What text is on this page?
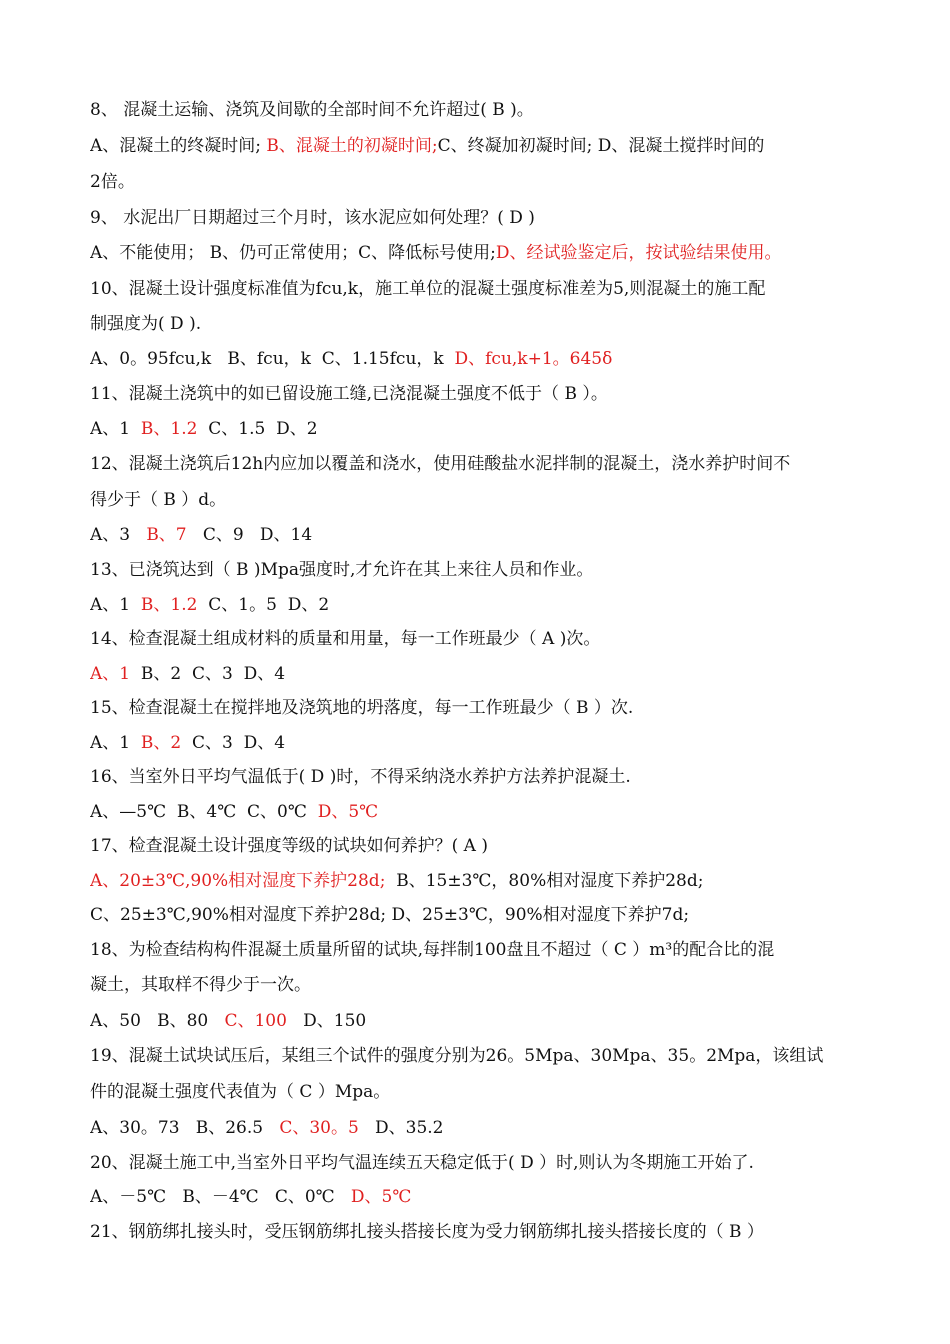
8、 混凝土运输、浇筑及间歇的全部时间不允许超过( B )。
A、混凝土的终凝时间; B、混凝土的初凝时间;C、终凝加初凝时间; D、混凝土搅拌时间的
2倍。
9、 水泥出厂日期超过三个月时，该水泥应如何处理？( D )
A、不能使用； B、仍可正常使用；C、降低标号使用;D、经试验鉴定后，按试验结果使用。
10、混凝土设计强度标准值为fcu,k，施工单位的混凝土强度标准差为5,则混凝土的施工配
制强度为( D ).
A、0。95fcu,k   B、fcu，k  C、1.15fcu，k  D、fcu,k+1。645δ
11、混凝土浇筑中的如已留设施工缝,已浇混凝土强度不低于（ B ）。
A、1  B、1.2  C、1.5  D、2
12、混凝土浇筑后12h内应加以覆盖和浇水，使用硅酸盐水泥拌制的混凝土，浇水养护时间不
得少于（ B ）d。
A、3   B、7   C、9   D、14
13、已浇筑达到（ B )Mpa强度时,才允许在其上来往人员和作业。
A、1  B、1.2  C、1。5  D、2
14、检查混凝土组成材料的质量和用量，每一工作班最少（ A )次。
A、1  B、2  C、3  D、4
15、检查混凝土在搅拌地及浇筑地的坍落度，每一工作班最少（ B ）次.
A、1  B、2  C、3  D、4
16、当室外日平均气温低于( D )时，不得采纳浇水养护方法养护混凝土.
A、—5℃  B、4℃  C、0℃  D、5℃
17、检查混凝土设计强度等级的试块如何养护？( A )
A、20±3℃,90%相对湿度下养护28d;  B、15±3℃，80%相对湿度下养护28d;
C、25±3℃,90%相对湿度下养护28d; D、25±3℃，90%相对湿度下养护7d;
18、为检查结构构件混凝土质量所留的试块,每拌制100盘且不超过（ C ）m³的配合比的混
凝土，其取样不得少于一次。
A、50   B、80   C、100   D、150
19、混凝土试块试压后，某组三个试件的强度分别为26。5Mpa、30Mpa、35。2Mpa，该组试
件的混凝土强度代表值为（ C ）Mpa。
A、30。73   B、26.5   C、30。5   D、35.2
20、混凝土施工中,当室外日平均气温连续五天稳定低于( D ）时,则认为冬期施工开始了.
A、－5℃   B、－4℃   C、0℃   D、5℃
21、钢筋绑扎接头时，受压钢筋绑扎接头搭接长度为受力钢筋绑扎接头搭接长度的（ B ）
